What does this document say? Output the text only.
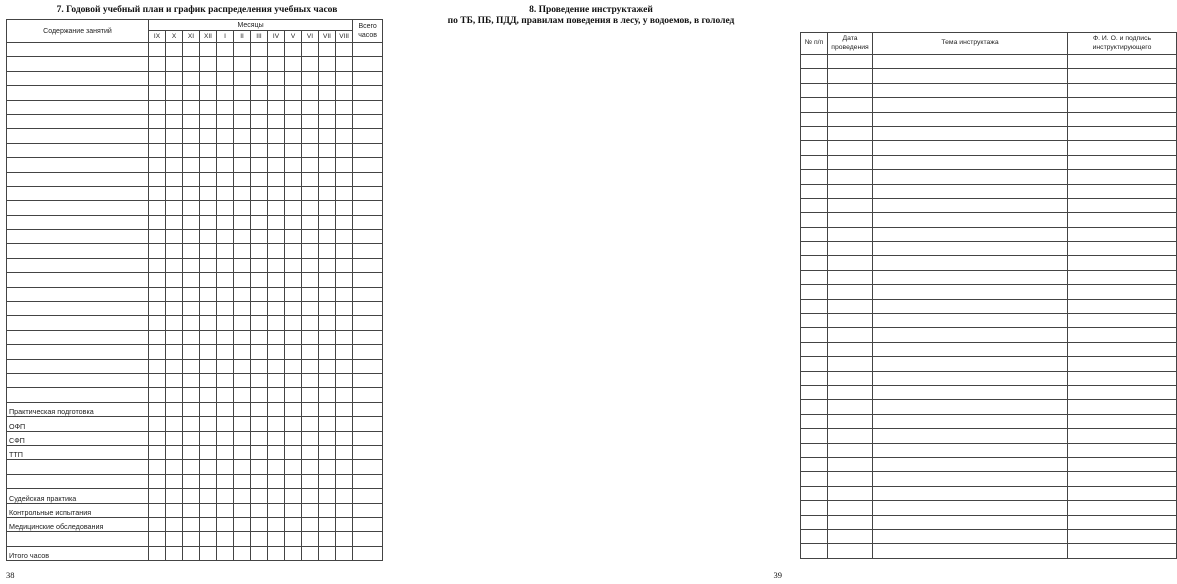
7. Годовой учебный план и график распределения учебных часов
Содержание занятий	Месяцы												Всего часов
	IX	X	XI	XII	I	II	III	IV	V	VI	VII	VIII	

Практическая подготовка													
ОФП													
СФП													
ТТП													

Судейская практика													
Контрольные испытания													
Медицинские обследования													

Итого часов													
38
8. Проведение инструктажей
по ТБ, ПБ, ПДД, правилам поведения в лесу, у водоемов, в гололед
№ п/п	Дата проведения	Тема инструктажа	Ф. И. О. и подпись инструктирующего

39
